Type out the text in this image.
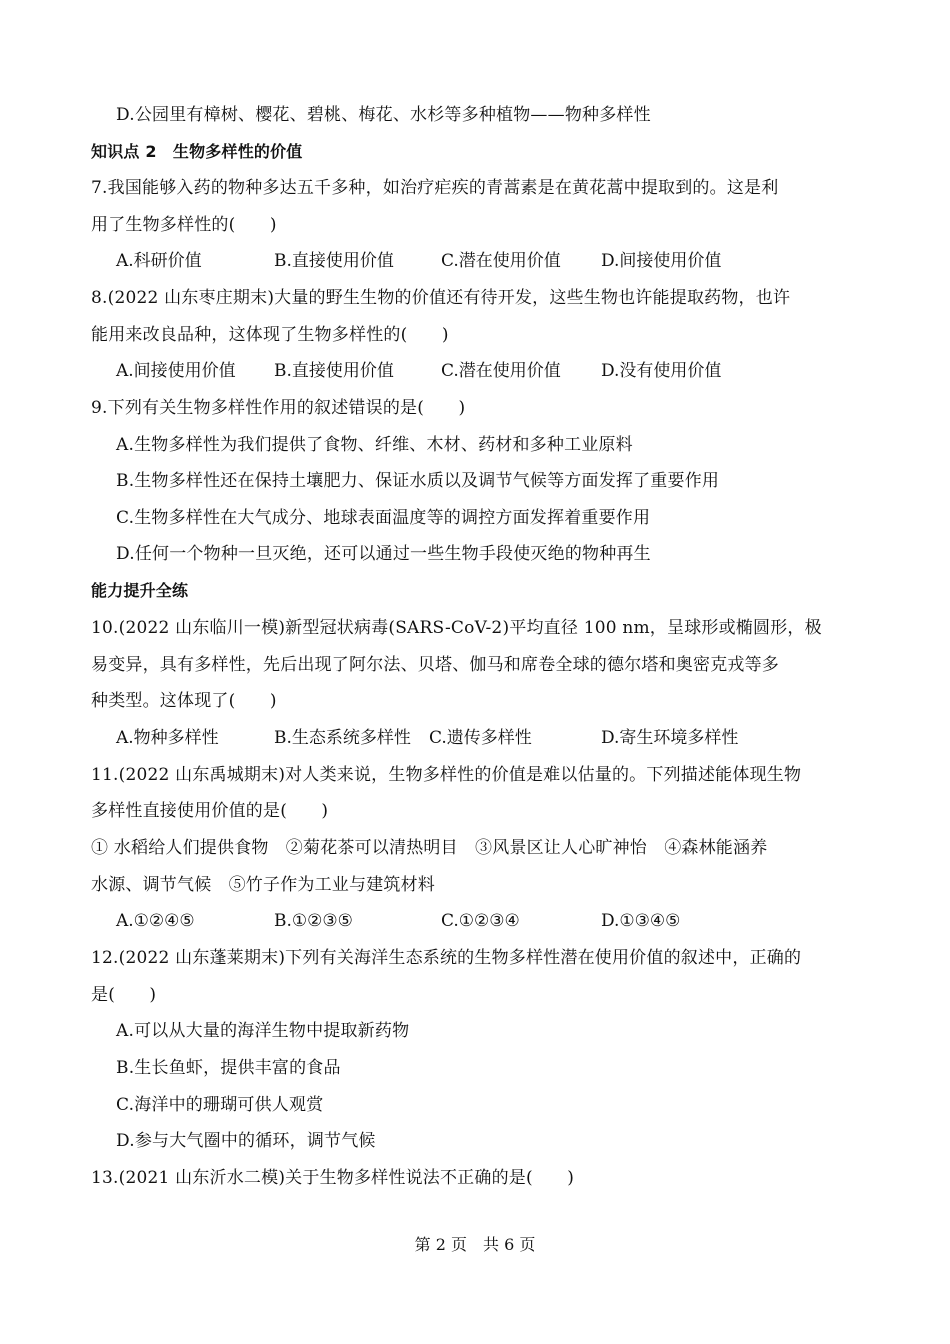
D.公园里有樟树、樱花、碧桃、梅花、水杉等多种植物——物种多样性
知识点 2　生物多样性的价值
7.我国能够入药的物种多达五千多种，如治疗疟疾的青蒿素是在黄花蒿中提取到的。这是利
用了生物多样性的(　　)
A.科研价值	B.直接使用价值	C.潜在使用价值 D.间接使用价值
8.(2022 山东枣庄期末)大量的野生生物的价值还有待开发，这些生物也许能提取药物，也许
能用来改良品种，这体现了生物多样性的(　　)
A.间接使用价值 B.直接使用价值	C.潜在使用价值 D.没有使用价值
9.下列有关生物多样性作用的叙述错误的是(　　)
A.生物多样性为我们提供了食物、纤维、木材、药材和多种工业原料
B.生物多样性还在保持土壤肥力、保证水质以及调节气候等方面发挥了重要作用
C.生物多样性在大气成分、地球表面温度等的调控方面发挥着重要作用
D.任何一个物种一旦灭绝，还可以通过一些生物手段使灭绝的物种再生
能力提升全练
10.(2022 山东临川一模)新型冠状病毒(SARS-CoV-2)平均直径 100 nm，呈球形或椭圆形，极
易变异，具有多样性，先后出现了阿尔法、贝塔、伽马和席卷全球的德尔塔和奥密克戎等多
种类型。这体现了(　　)
A.物种多样性	B.生态系统多样性 C.遗传多样性	D.寄生环境多样性
11.(2022 山东禹城期末)对人类来说，生物多样性的价值是难以估量的。下列描述能体现生物
多样性直接使用价值的是(　　)
① 水稻给人们提供食物　②菊花茶可以清热明目　③风景区让人心旷神怡　④森林能涵养
水源、调节气候　⑤竹子作为工业与建筑材料
A.①②④⑤	B.①②③⑤	C.①②③④	D.①③④⑤
12.(2022 山东蓬莱期末)下列有关海洋生态系统的生物多样性潜在使用价值的叙述中，正确的
是(　　)
A.可以从大量的海洋生物中提取新药物
B.生长鱼虾，提供丰富的食品
C.海洋中的珊瑚可供人观赏
D.参与大气圈中的循环，调节气候
13.(2021 山东沂水二模)关于生物多样性说法不正确的是(　　)
第 2 页　共 6 页
